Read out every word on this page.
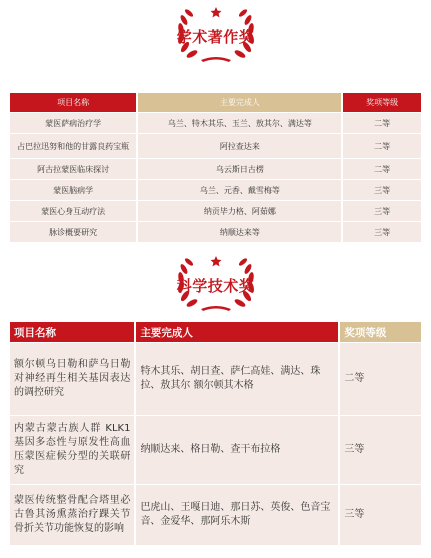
学术著作奖
项目名称	主要完成人	奖项等级
蒙医萨病治疗学	乌兰、特木其乐、玉兰、敖其尔、满达等	二等
占巴拉迅努和他的甘露良药宝瓶	阿拉查达来	二等
阿古拉蒙医临床探讨	乌云斯日古楞	二等
蒙医脑病学	乌兰、元香、戴雪梅等	三等
蒙医心身互动疗法	纳贡毕力格、阿茹娜	三等
脉诊概要研究	纳顺达来等	三等
科学技术奖
项目名称	主要完成人	奖项等级
额尔顿乌日勒和萨乌日勒对神经再生相关基因表达的调控研究	特木其乐、胡日查、萨仁高娃、满达、珠拉、敖其尔 额尔顿其木格	二等
内蒙古蒙古族人群 KLK1基因多态性与原发性高血压蒙医症候分型的关联研究	纳顺达来、格日勒、查干布拉格	三等
蒙医传统整骨配合塔里必古鲁其汤熏蒸治疗踝关节骨折关节功能恢复的影响	巴虎山、王嘎日迪、那日苏、英俊、色音宝音、金爱华、那阿乐木斯	三等
